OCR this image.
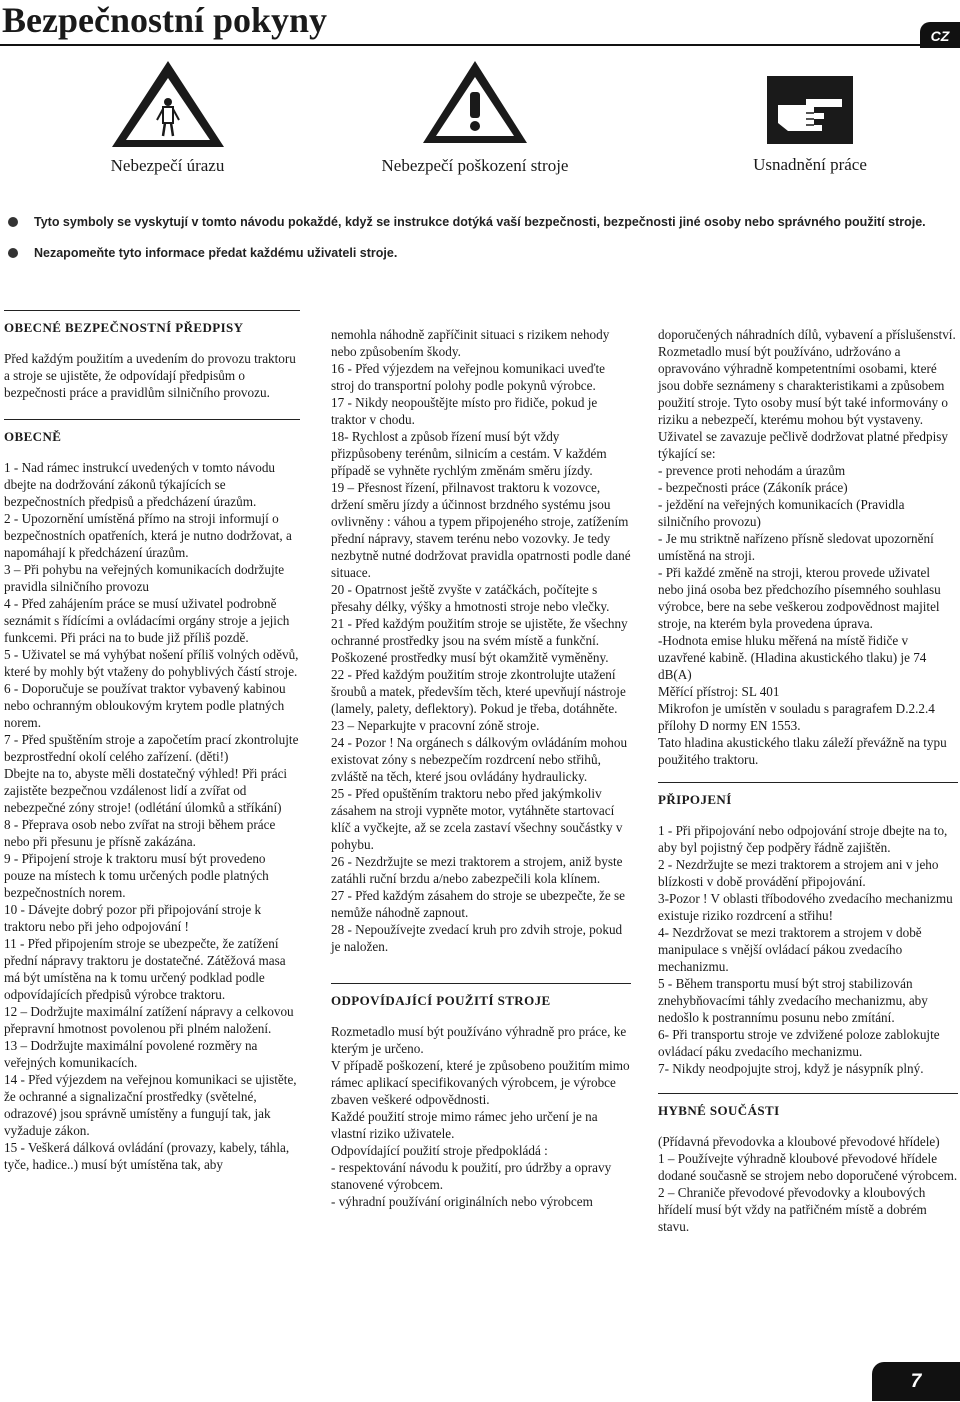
Bezpečnostní pokyny	CZ
Nebezpečí úrazu	Nebezpečí poškození stroje	Usnadnění práce
Tyto symboly se vyskytují v tomto návodu pokaždé, když se instrukce dotýká vaší bezpečnosti, bezpečnosti jiné osoby nebo správného použití stroje.
Nezapomeňte tyto informace předat každému uživateli stroje.
OBECNÉ BEZPEČNOSTNÍ PŘEDPISY

Před každým použitím a uvedením do provozu traktoru a stroje se ujistěte, že odpovídají předpisům o bezpečnosti práce a pravidlům silničního provozu.

OBECNĚ

1 - Nad rámec instrukcí uvedených v tomto návodu dbejte na dodržování zákonů týkajících se bezpečnostních předpisů a předcházení úrazům.

2 - Upozornění umístěná přímo na stroji informují o bezpečnostních opatřeních, která je nutno dodržovat, a napomáhají k předcházení úrazům.

3 – Při pohybu na veřejných komunikacích dodržujte pravidla silničního provozu

4 - Před zahájením práce se musí uživatel podrobně seznámit s řídícími a ovládacími orgány stroje a jejich funkcemi. Při práci na to bude již příliš pozdě.

5 - Uživatel se má vyhýbat nošení příliš volných oděvů, které by mohly být vtaženy do pohyblivých částí stroje.

6 - Doporučuje se používat traktor vybavený kabinou nebo ochranným obloukovým krytem podle platných norem.

7 - Před spuštěním stroje a započetím prací zkontrolujte bezprostřední okolí celého zařízení. (děti!)

Dbejte na to, abyste měli dostatečný výhled! Při práci zajistěte bezpečnou vzdálenost lidí a zvířat od nebezpečné zóny stroje! (odlétání úlomků a stříkání)

8 - Přeprava osob nebo zvířat na stroji během práce nebo při přesunu je přísně zakázána.

9 - Připojení stroje k traktoru musí být provedeno pouze na místech k tomu určených podle platných bezpečnostních norem.

10 - Dávejte dobrý pozor při připojování stroje k traktoru nebo při jeho odpojování !

11 - Před připojením stroje se ubezpečte, že zatížení přední nápravy traktoru je dostatečné. Zátěžová masa má být umístěna na k tomu určený podklad podle odpovídajících předpisů výrobce traktoru.

12 – Dodržujte maximální zatížení nápravy a celkovou přepravní hmotnost povolenou při plném naložení.

13 – Dodržujte maximální povolené rozměry na veřejných komunikacích.

14 - Před výjezdem na veřejnou komunikaci se ujistěte, že ochranné a signalizační prostředky (světelné, odrazové) jsou správně umístěny a fungují tak, jak vyžaduje zákon.

15 - Veškerá dálková ovládání (provazy, kabely, táhla, tyče, hadice..) musí být umístěna tak, aby

nemohla náhodně zapříčinit situaci s rizikem nehody nebo způsobením škody.

16 - Před výjezdem na veřejnou komunikaci uveďte stroj do transportní polohy podle pokynů výrobce.

17 - Nikdy neopouštějte místo pro řidiče, pokud je traktor v chodu.

18- Rychlost a způsob řízení musí být vždy přizpůsobeny terénům, silnicím a cestám. V každém případě se vyhněte rychlým změnám směru jízdy.

19 – Přesnost řízení, přilnavost traktoru k vozovce, držení směru jízdy a účinnost brzdného systému jsou ovlivněny : váhou a typem připojeného stroje, zatížením přední nápravy, stavem terénu nebo vozovky. Je tedy nezbytně nutné dodržovat pravidla opatrnosti podle dané situace.

20 - Opatrnost ještě zvyšte v zatáčkách, počítejte s přesahy délky, výšky a hmotnosti stroje nebo vlečky.

21 - Před každým použitím stroje se ujistěte, že všechny ochranné prostředky jsou na svém místě a funkční. Poškozené prostředky musí být okamžitě vyměněny.

22 - Před každým použitím stroje zkontrolujte utažení šroubů a matek, především těch, které upevňují nástroje (lamely, palety, deflektory). Pokud je třeba, dotáhněte.

23 – Neparkujte v pracovní zóně stroje.

24 - Pozor ! Na orgánech s dálkovým ovládáním mohou existovat zóny s nebezpečím rozdrcení nebo střihů, zvláště na těch, které jsou ovládány hydraulicky.

25 - Před opuštěním traktoru nebo před jakýmkoliv zásahem na stroji vypněte motor, vytáhněte startovací klíč a vyčkejte, až se zcela zastaví všechny součástky v pohybu.

26 - Nezdržujte se mezi traktorem a strojem, aniž byste zatáhli ruční brzdu a/nebo zabezpečili kola klínem.

27 - Před každým zásahem do stroje se ubezpečte, že se nemůže náhodně zapnout.

28 - Nepoužívejte zvedací kruh pro zdvih stroje, pokud je naložen.

ODPOVÍDAJÍCÍ POUŽITÍ STROJE

Rozmetadlo musí být používáno výhradně pro práce, ke kterým je určeno.

V případě poškození, které je způsobeno použitím mimo rámec aplikací specifikovaných výrobcem, je výrobce zbaven veškeré odpovědnosti.

Každé použití stroje mimo rámec jeho určení je na vlastní riziko uživatele.

Odpovídající použití stroje předpokládá :

- respektování návodu k použití, pro údržby a opravy stanovené výrobcem.

- výhradní používání originálních nebo výrobcem

doporučených náhradních dílů, vybavení a příslušenství.

Rozmetadlo musí být používáno, udržováno a opravováno výhradně kompetentními osobami, které jsou dobře seznámeny s charakteristikami a způsobem použití stroje. Tyto osoby musí být také informovány o riziku a nebezpečí, kterému mohou být vystaveny.

Uživatel se zavazuje pečlivě dodržovat platné předpisy týkající se:

- prevence proti nehodám a úrazům

- bezpečnosti práce (Zákoník práce)

- ježdění na veřejných komunikacích (Pravidla silničního provozu)

- Je mu striktně nařízeno přísně sledovat upozornění umístěná na stroji.

- Při každé změně na stroji, kterou provede uživatel nebo jiná osoba bez předchozího písemného souhlasu výrobce, bere na sebe veškerou zodpovědnost majitel stroje, na kterém byla provedena úprava.

-Hodnota emise hluku měřená na místě řidiče v uzavřené kabině. (Hladina akustického tlaku) je 74 dB(A)

Měřící přístroj: SL 401

Mikrofon je umístěn v souladu s paragrafem D.2.2.4 přílohy D normy EN 1553.

Tato hladina akustického tlaku záleží převážně na typu použitého traktoru.

PŘIPOJENÍ

1 - Při připojování nebo odpojování stroje dbejte na to, aby byl pojistný čep podpěry řádně zajištěn.

2 - Nezdržujte se mezi traktorem a strojem ani v jeho blízkosti v době provádění připojování.

3-Pozor ! V oblasti tříbodového zvedacího mechanizmu existuje riziko rozdrcení a střihu!

4- Nezdržovat se mezi traktorem a strojem v době manipulace s vnější ovládací pákou zvedacího mechanizmu.

5 - Během transportu musí být stroj stabilizován znehybňovacími táhly zvedacího mechanizmu, aby nedošlo k postrannímu posunu nebo zmítání.

6- Při transportu stroje ve zdvižené poloze zablokujte ovládací páku zvedacího mechanizmu.

7- Nikdy neodpojujte stroj, když je násypník plný.

HYBNÉ SOUČÁSTI

(Přídavná převodovka a kloubové převodové hřídele)

1 – Používejte výhradně kloubové převodové hřídele dodané současně se strojem nebo doporučené výrobcem.

2 – Chraničе převodové převodovky a kloubových hřídelí musí být vždy na patřičném místě a dobrém stavu.

7
